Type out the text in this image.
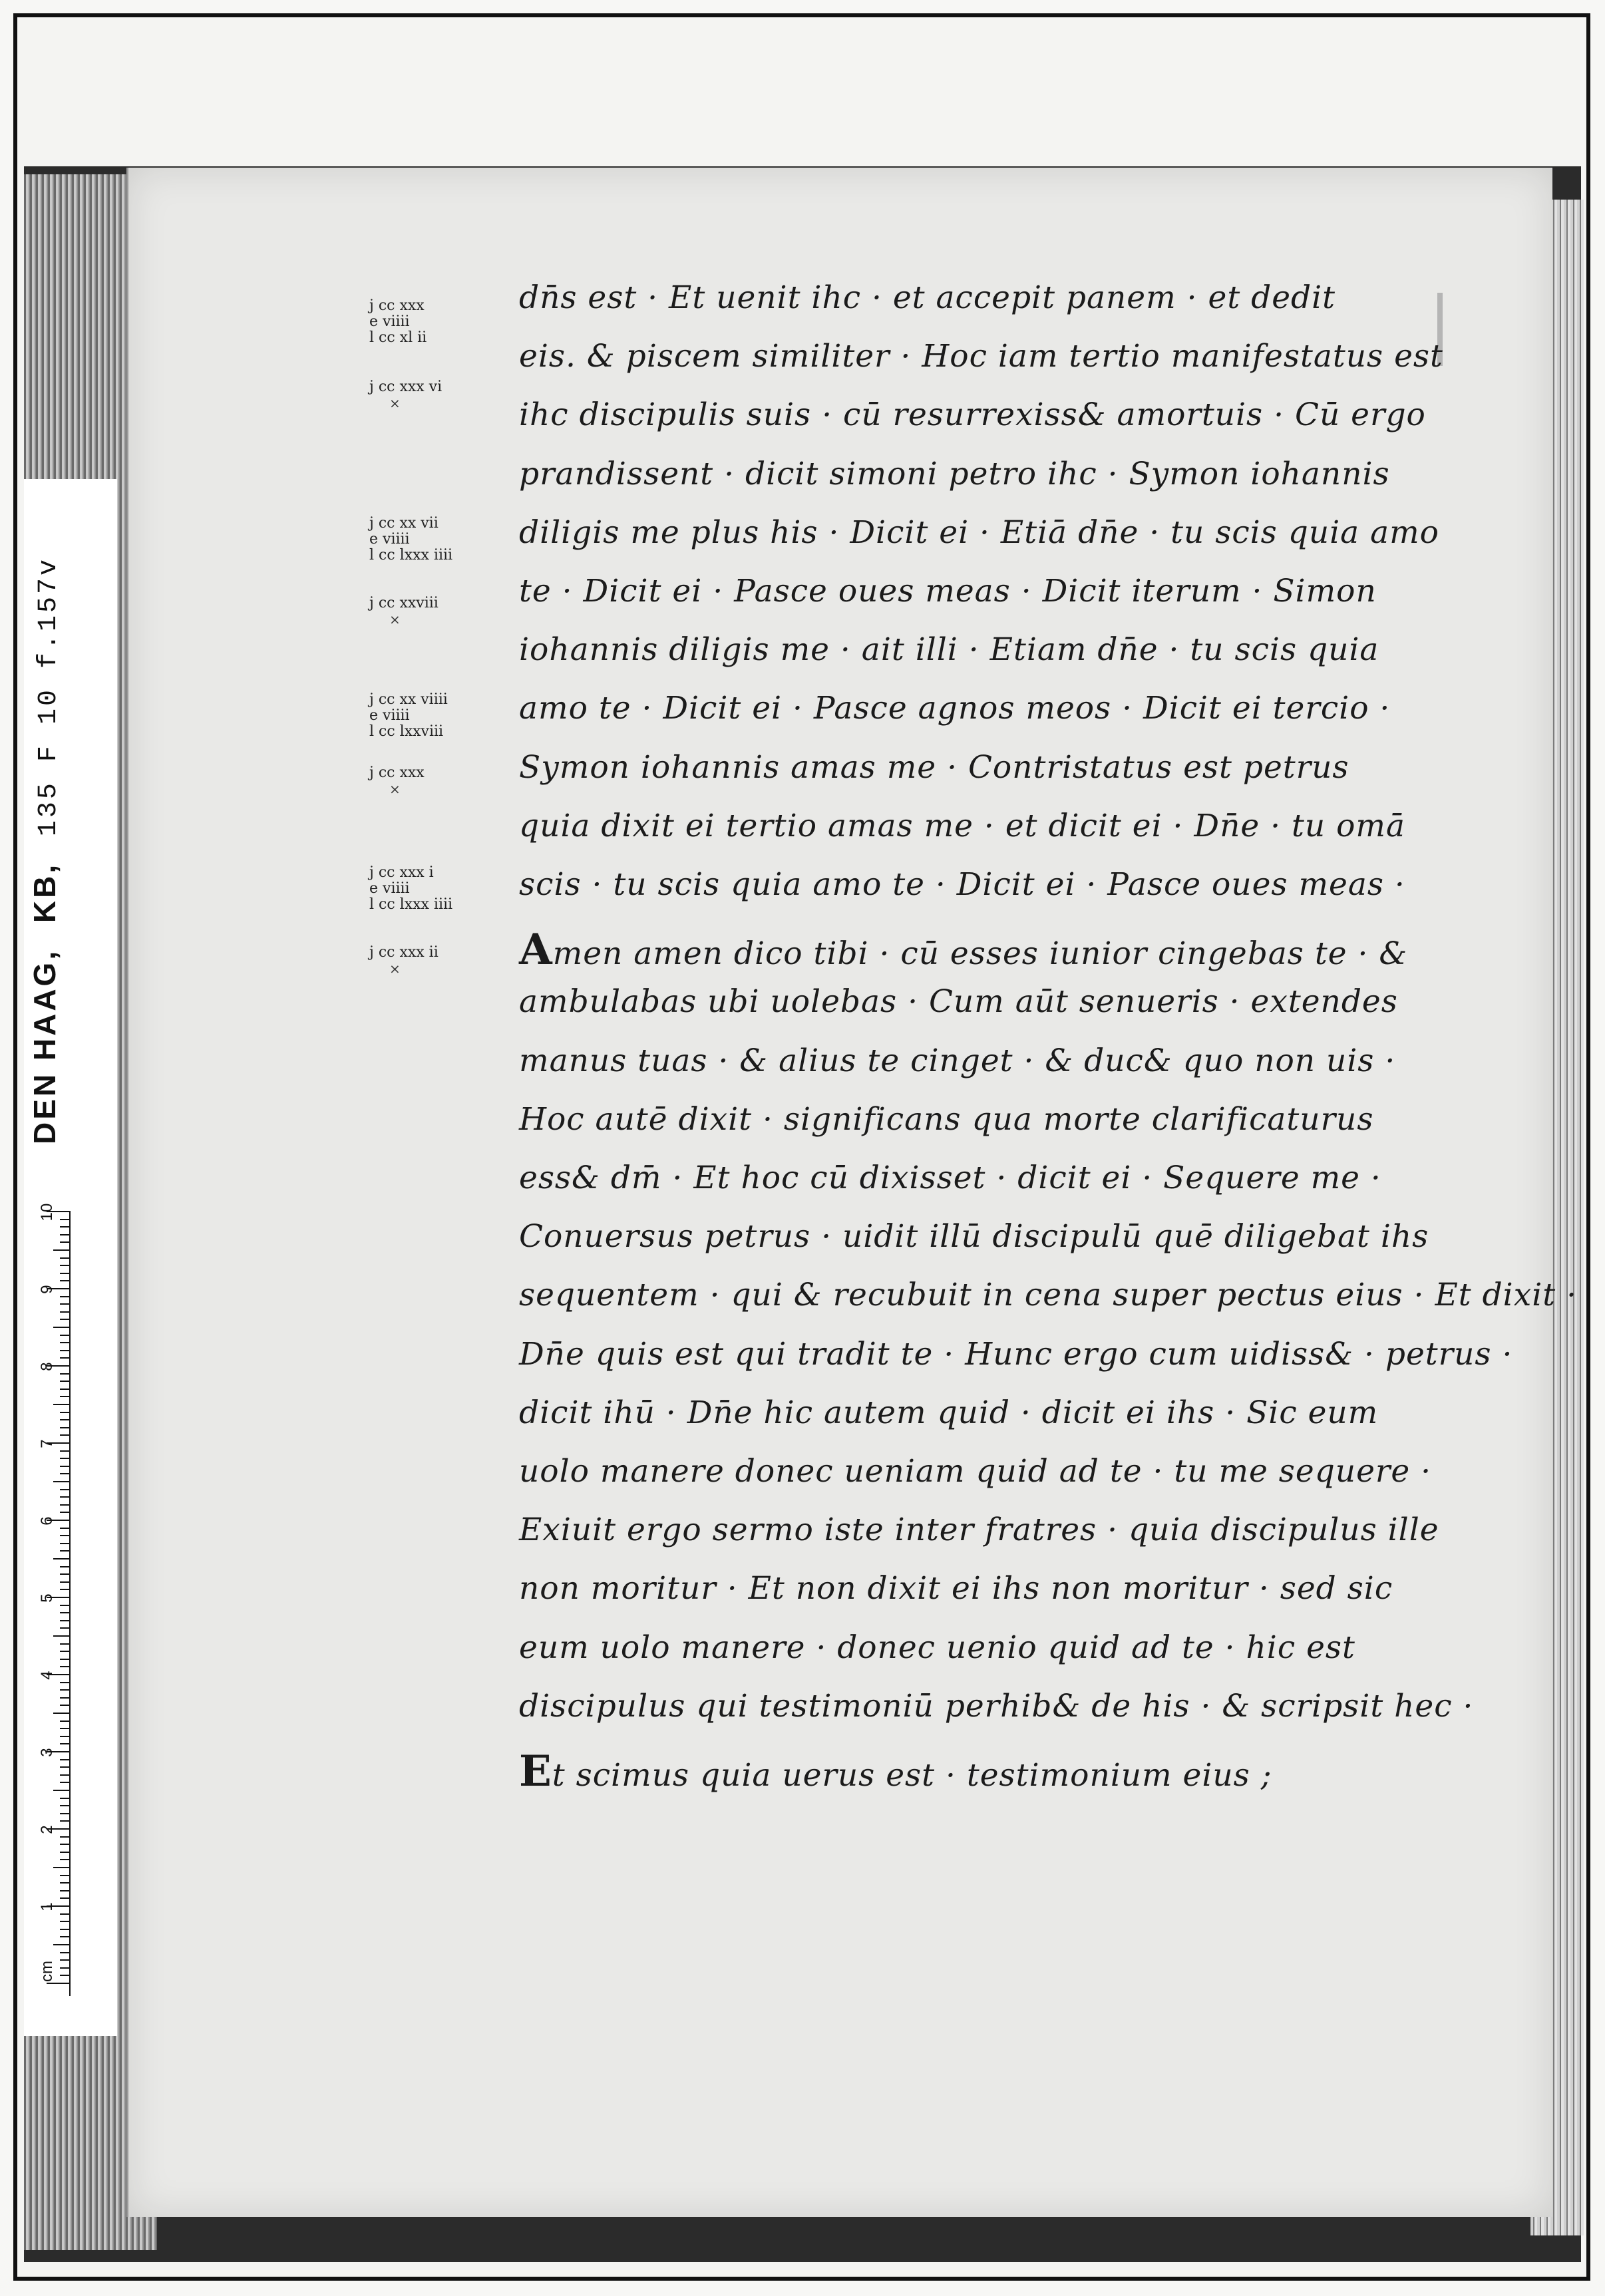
DEN HAAG, KB, 135 F 10 f.157v
cm
1
2
3
4
5
6
7
8
9
10
j cc xxx
e viiii
l cc xl ii
j cc xxx vi
×
j cc xx vii
e viiii
l cc lxxx iiii
j cc xxviii
×
j cc xx viiii
e viiii
l cc lxxviii
j cc xxx
×
j cc xxx i
e viiii
l cc lxxx iiii
j cc xxx ii
×
dn̄s est · Et uenit ihc · et accepit panem · et dedit
eis. & piscem similiter · Hoc iam tertio manifestatus est
ihc discipulis suis · cū resurrexiss& amortuis · Cū ergo
prandissent · dicit simoni petro ihc · Symon iohannis
diligis me plus his · Dicit ei · Etiā dn̄e · tu scis quia amo
te · Dicit ei · Pasce oues meas · Dicit iterum · Simon
iohannis diligis me · ait illi · Etiam dn̄e · tu scis quia
amo te · Dicit ei · Pasce agnos meos · Dicit ei tercio ·
Symon iohannis amas me · Contristatus est petrus
quia dixit ei tertio amas me · et dicit ei · Dn̄e · tu omā
scis · tu scis quia amo te · Dicit ei · Pasce oues meas ·
Amen amen dico tibi · cū esses iunior cingebas te · &
ambulabas ubi uolebas · Cum aūt senueris · extendes
manus tuas · & alius te cinget · & duc& quo non uis ·
Hoc autē dixit · significans qua morte clarificaturus
ess& dm̄ · Et hoc cū dixisset · dicit ei · Sequere me ·
Conuersus petrus · uidit illū discipulū quē diligebat ihs
sequentem · qui & recubuit in cena super pectus eius · Et dixit ·
Dn̄e quis est qui tradit te · Hunc ergo cum uidiss& · petrus ·
dicit ihū · Dn̄e hic autem quid · dicit ei ihs · Sic eum
uolo manere donec ueniam quid ad te · tu me sequere ·
Exiuit ergo sermo iste inter fratres · quia discipulus ille
non moritur · Et non dixit ei ihs non moritur · sed sic
eum uolo manere · donec uenio quid ad te · hic est
discipulus qui testimoniū perhib& de his · & scripsit hec ·
Et scimus quia uerus est · testimonium eius ;
